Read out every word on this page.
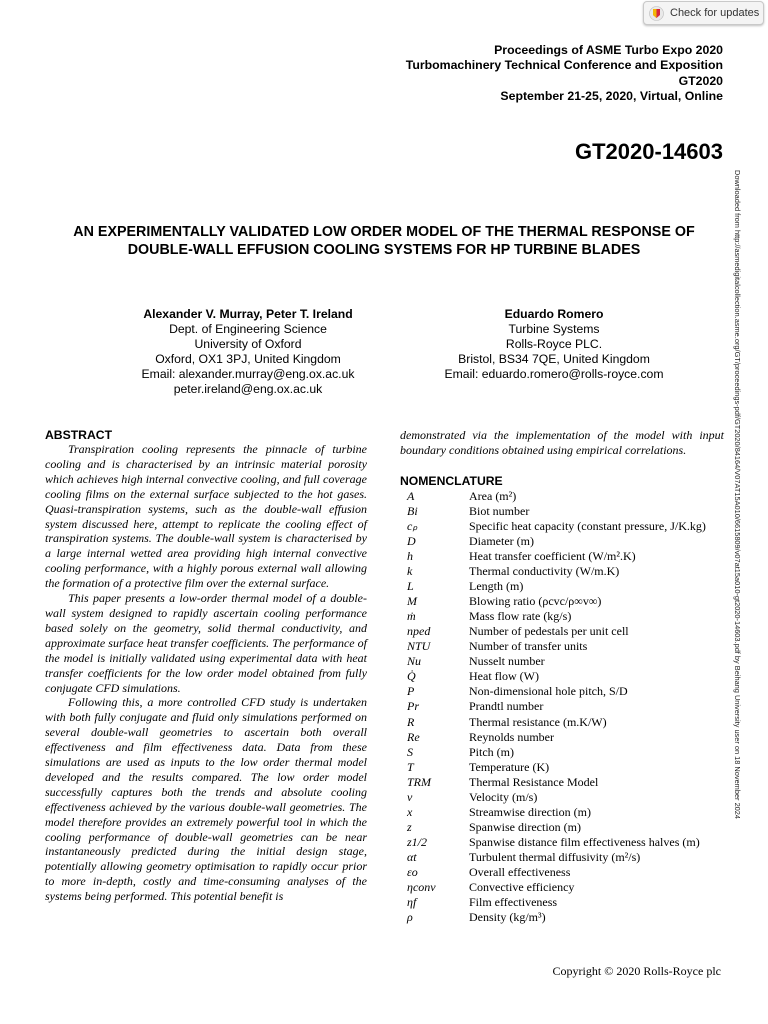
Check for updates
Proceedings of ASME Turbo Expo 2020
Turbomachinery Technical Conference and Exposition
GT2020
September 21-25, 2020, Virtual, Online
GT2020-14603
Downloaded from http://asmedigitalcollection.asme.org/GT/proceedings-pdf/GT2020/84164/V07AT15A010/6615809/v07at15a010-gt2020-14603.pdf by Beihang University user on 18 November 2024
AN EXPERIMENTALLY VALIDATED LOW ORDER MODEL OF THE THERMAL RESPONSE OF DOUBLE-WALL EFFUSION COOLING SYSTEMS FOR HP TURBINE BLADES
Alexander V. Murray, Peter T. Ireland
Dept. of Engineering Science
University of Oxford
Oxford, OX1 3PJ, United Kingdom
Email: alexander.murray@eng.ox.ac.uk
peter.ireland@eng.ox.ac.uk
Eduardo Romero
Turbine Systems
Rolls-Royce PLC.
Bristol, BS34 7QE, United Kingdom
Email: eduardo.romero@rolls-royce.com
ABSTRACT

Transpiration cooling represents the pinnacle of turbine cooling and is characterised by an intrinsic material porosity which achieves high internal convective cooling, and full coverage cooling films on the external surface subjected to the hot gases. Quasi-transpiration systems, such as the double-wall effusion system discussed here, attempt to replicate the cooling effect of transpiration systems. The double-wall system is characterised by a large internal wetted area providing high internal convective cooling performance, with a highly porous external wall allowing the formation of a protective film over the external surface.

This paper presents a low-order thermal model of a double-wall system designed to rapidly ascertain cooling performance based solely on the geometry, solid thermal conductivity, and approximate surface heat transfer coefficients. The performance of the model is initially validated using experimental data with heat transfer coefficients for the low order model obtained from fully conjugate CFD simulations.

Following this, a more controlled CFD study is undertaken with both fully conjugate and fluid only simulations performed on several double-wall geometries to ascertain both overall effectiveness and film effectiveness data. Data from these simulations are used as inputs to the low order thermal model developed and the results compared. The low order model successfully captures both the trends and absolute cooling effectiveness achieved by the various double-wall geometries. The model therefore provides an extremely powerful tool in which the cooling performance of double-wall geometries can be near instantaneously predicted during the initial design stage, potentially allowing geometry optimisation to rapidly occur prior to more in-depth, costly and time-consuming analyses of the systems being performed. This potential benefit is

demonstrated via the implementation of the model with input boundary conditions obtained using empirical correlations.

NOMENCLATURE
A	Area (m²)
Bi	Biot number
cₚ	Specific heat capacity (constant pressure, J/K.kg)
D	Diameter (m)
h	Heat transfer coefficient (W/m².K)
k	Thermal conductivity (W/m.K)
L	Length (m)
M	Blowing ratio (ρcvc/ρ∞v∞)
ṁ	Mass flow rate (kg/s)
nped	Number of pedestals per unit cell
NTU	Number of transfer units
Nu	Nusselt number
Q̇	Heat flow (W)
P	Non-dimensional hole pitch, S/D
Pr	Prandtl number
R	Thermal resistance (m.K/W)
Re	Reynolds number
S	Pitch (m)
T	Temperature (K)
TRM	Thermal Resistance Model
v	Velocity (m/s)
x	Streamwise direction (m)
z	Spanwise direction (m)
z1/2	Spanwise distance film effectiveness halves (m)
αt	Turbulent thermal diffusivity (m²/s)
εo	Overall effectiveness
ηconv	Convective efficiency
ηf	Film effectiveness
ρ	Density (kg/m³)
Copyright © 2020 Rolls-Royce plc
